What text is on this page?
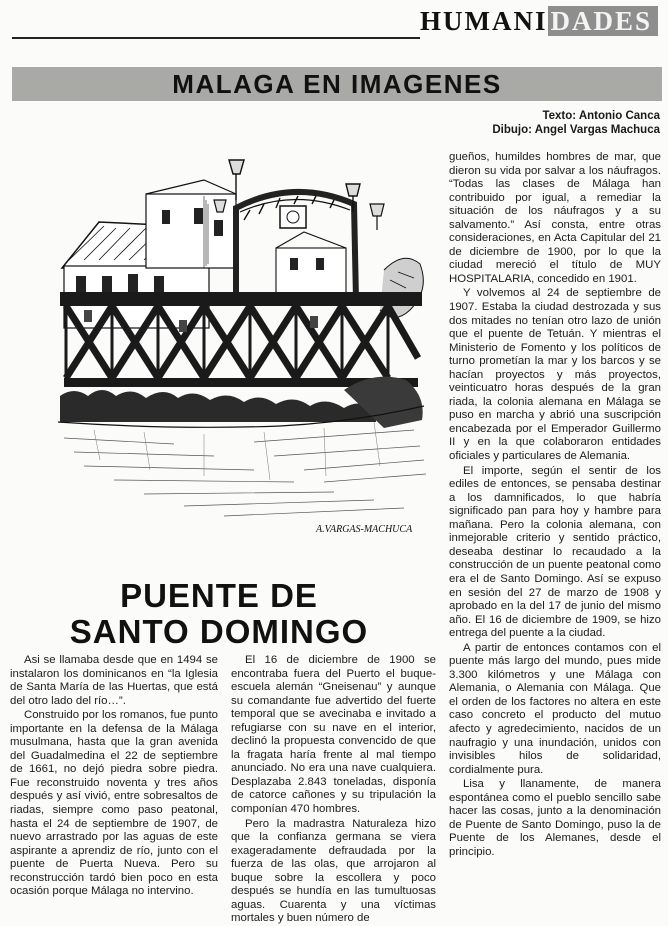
HUMANI DADES
MALAGA EN IMAGENES
Texto: Antonio Canca
Dibujo: Angel Vargas Machuca
A.VARGAS-MACHUCA
PUENTE DE
SANTO DOMINGO

Asi se llamaba desde que en 1494 se instalaron los dominicanos en “la Iglesia de Santa María de las Huertas, que está del otro lado del río…”.

Construido por los romanos, fue punto importante en la defensa de la Málaga musulmana, hasta que la gran avenida del Guadalmedina el 22 de septiembre de 1661, no dejó piedra sobre piedra. Fue reconstruido noventa y tres años después y así vivió, entre sobresaltos de riadas, siempre como paso peatonal, hasta el 24 de septiembre de 1907, de nuevo arrastrado por las aguas de este aspirante a aprendiz de río, junto con el puente de Puerta Nueva. Pero su reconstrucción tardó bien poco en esta ocasión porque Málaga no intervino.

El 16 de diciembre de 1900 se encontraba fuera del Puerto el buque-escuela alemán “Gneisenau” y aunque su comandante fue advertido del fuerte temporal que se avecinaba e invitado a refugiarse con su nave en el interior, declinó la propuesta convencido de que la fragata haría frente al mal tiempo anunciado. No era una nave cualquiera. Desplazaba 2.843 toneladas, disponía de catorce cañones y su tripulación la componían 470 hombres.

Pero la madrastra Naturaleza hizo que la confianza germana se viera exageradamente defraudada por la fuerza de las olas, que arrojaron al buque sobre la escollera y poco después se hundía en las tumultuosas aguas. Cuarenta y una víctimas mortales y buen número de

gueños, humildes hombres de mar, que dieron su vida por salvar a los náufragos. “Todas las clases de Málaga han contribuido por igual, a remediar la situación de los náufragos y a su salvamento.” Así consta, entre otras consideraciones, en Acta Capitular del 21 de diciembre de 1900, por lo que la ciudad mereció el título de MUY HOSPITALARIA, concedido en 1901.

Y volvemos al 24 de septiembre de 1907. Estaba la ciudad destrozada y sus dos mitades no tenían otro lazo de unión que el puente de Tetuán. Y mientras el Ministerio de Fomento y los políticos de turno prometían la mar y los barcos y se hacían proyectos y más proyectos, veinticuatro horas después de la gran riada, la colonia alemana en Málaga se puso en marcha y abrió una suscripción encabezada por el Emperador Guillermo II y en la que colaboraron entidades oficiales y particulares de Alemania.

El importe, según el sentir de los ediles de entonces, se pensaba destinar a los damnificados, lo que habría significado pan para hoy y hambre para mañana. Pero la colonia alemana, con inmejorable criterio y sentido práctico, deseaba destinar lo recaudado a la construcción de un puente peatonal como era el de Santo Domingo. Así se expuso en sesión del 27 de marzo de 1908 y aprobado en la del 17 de junio del mismo año. El 16 de diciembre de 1909, se hizo entrega del puente a la ciudad.

A partir de entonces contamos con el puente más largo del mundo, pues mide 3.300 kilómetros y une Málaga con Alemania, o Alemania con Málaga. Que el orden de los factores no altera en este caso concreto el producto del mutuo afecto y agredecimiento, nacidos de un naufragio y una inundación, unidos con invisibles hilos de solidaridad, cordialmente pura.

Lisa y llanamente, de manera espontánea como el pueblo sencillo sabe hacer las cosas, junto a la denominación de Puente de Santo Domingo, puso la de Puente de los Alemanes, desde el principio.
